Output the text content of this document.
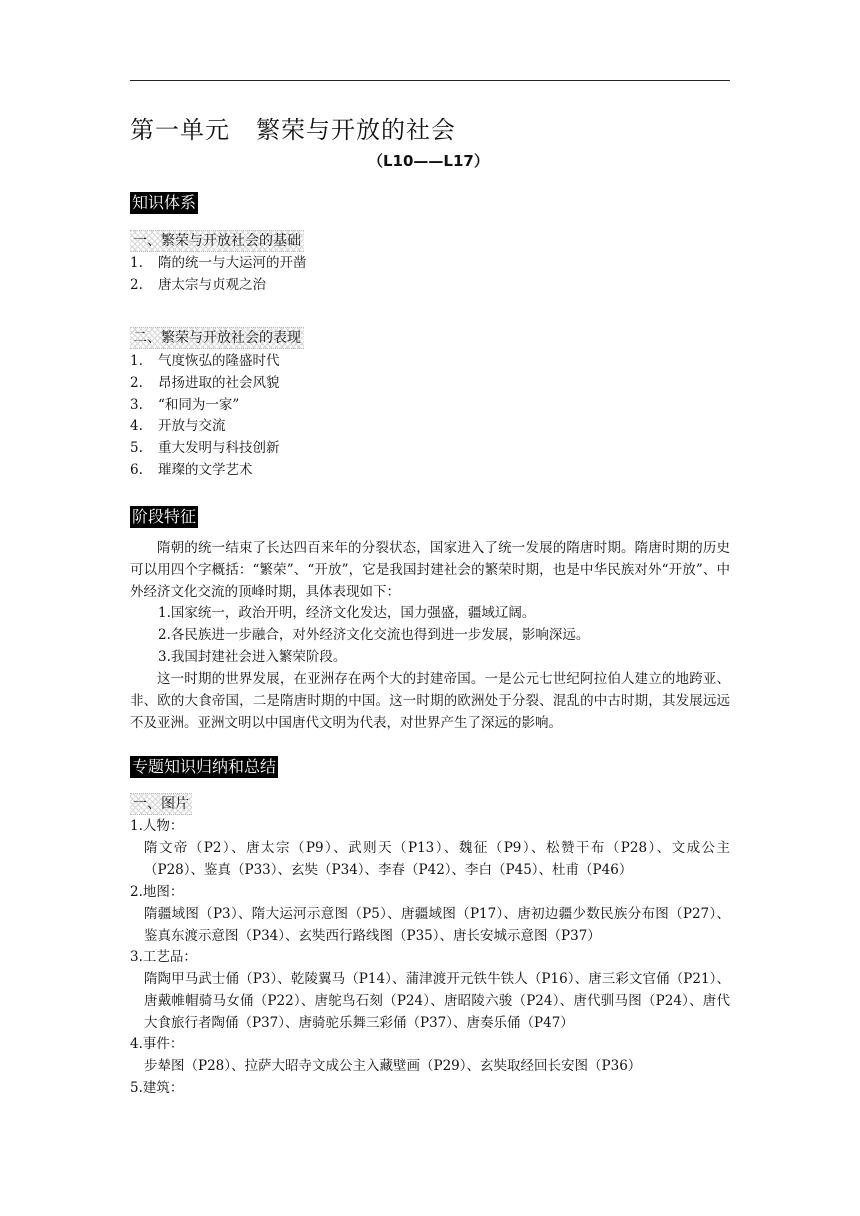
第一单元 繁荣与开放的社会
（L10——L17）
知识体系
一、繁荣与开放社会的基础
1. 隋的统一与大运河的开凿
2. 唐太宗与贞观之治
二、繁荣与开放社会的表现
1. 气度恢弘的隆盛时代
2. 昂扬进取的社会风貌
3. “和同为一家”
4. 开放与交流
5. 重大发明与科技创新
6. 璀璨的文学艺术
阶段特征
隋朝的统一结束了长达四百来年的分裂状态，国家进入了统一发展的隋唐时期。隋唐时期的历史可以用四个字概括：“繁荣”、“开放”，它是我国封建社会的繁荣时期，也是中华民族对外“开放”、中外经济文化交流的顶峰时期，具体表现如下：
1.国家统一，政治开明，经济文化发达，国力强盛，疆域辽阔。
2.各民族进一步融合，对外经济文化交流也得到进一步发展，影响深远。
3.我国封建社会进入繁荣阶段。
这一时期的世界发展，在亚洲存在两个大的封建帝国。一是公元七世纪阿拉伯人建立的地跨亚、非、欧的大食帝国，二是隋唐时期的中国。这一时期的欧洲处于分裂、混乱的中古时期，其发展远远不及亚洲。亚洲文明以中国唐代文明为代表，对世界产生了深远的影响。
专题知识归纳和总结
一、图片
1.人物：
隋文帝（P2）、唐太宗（P9）、武则天（P13）、魏征（P9）、松赞干布（P28）、文成公主（P28）、鉴真（P33）、玄奘（P34）、李春（P42）、李白（P45）、杜甫（P46）
2.地图：
隋疆域图（P3）、隋大运河示意图（P5）、唐疆域图（P17）、唐初边疆少数民族分布图（P27）、鉴真东渡示意图（P34）、玄奘西行路线图（P35）、唐长安城示意图（P37）
3.工艺品：
隋陶甲马武士俑（P3）、乾陵翼马（P14）、蒲津渡开元铁牛铁人（P16）、唐三彩文官俑（P21）、唐戴帷帽骑马女俑（P22）、唐鸵鸟石刻（P24）、唐昭陵六骏（P24）、唐代驯马图（P24）、唐代大食旅行者陶俑（P37）、唐骑驼乐舞三彩俑（P37）、唐奏乐俑（P47）
4.事件：
步辇图（P28）、拉萨大昭寺文成公主入藏壁画（P29）、玄奘取经回长安图（P36）
5.建筑：
